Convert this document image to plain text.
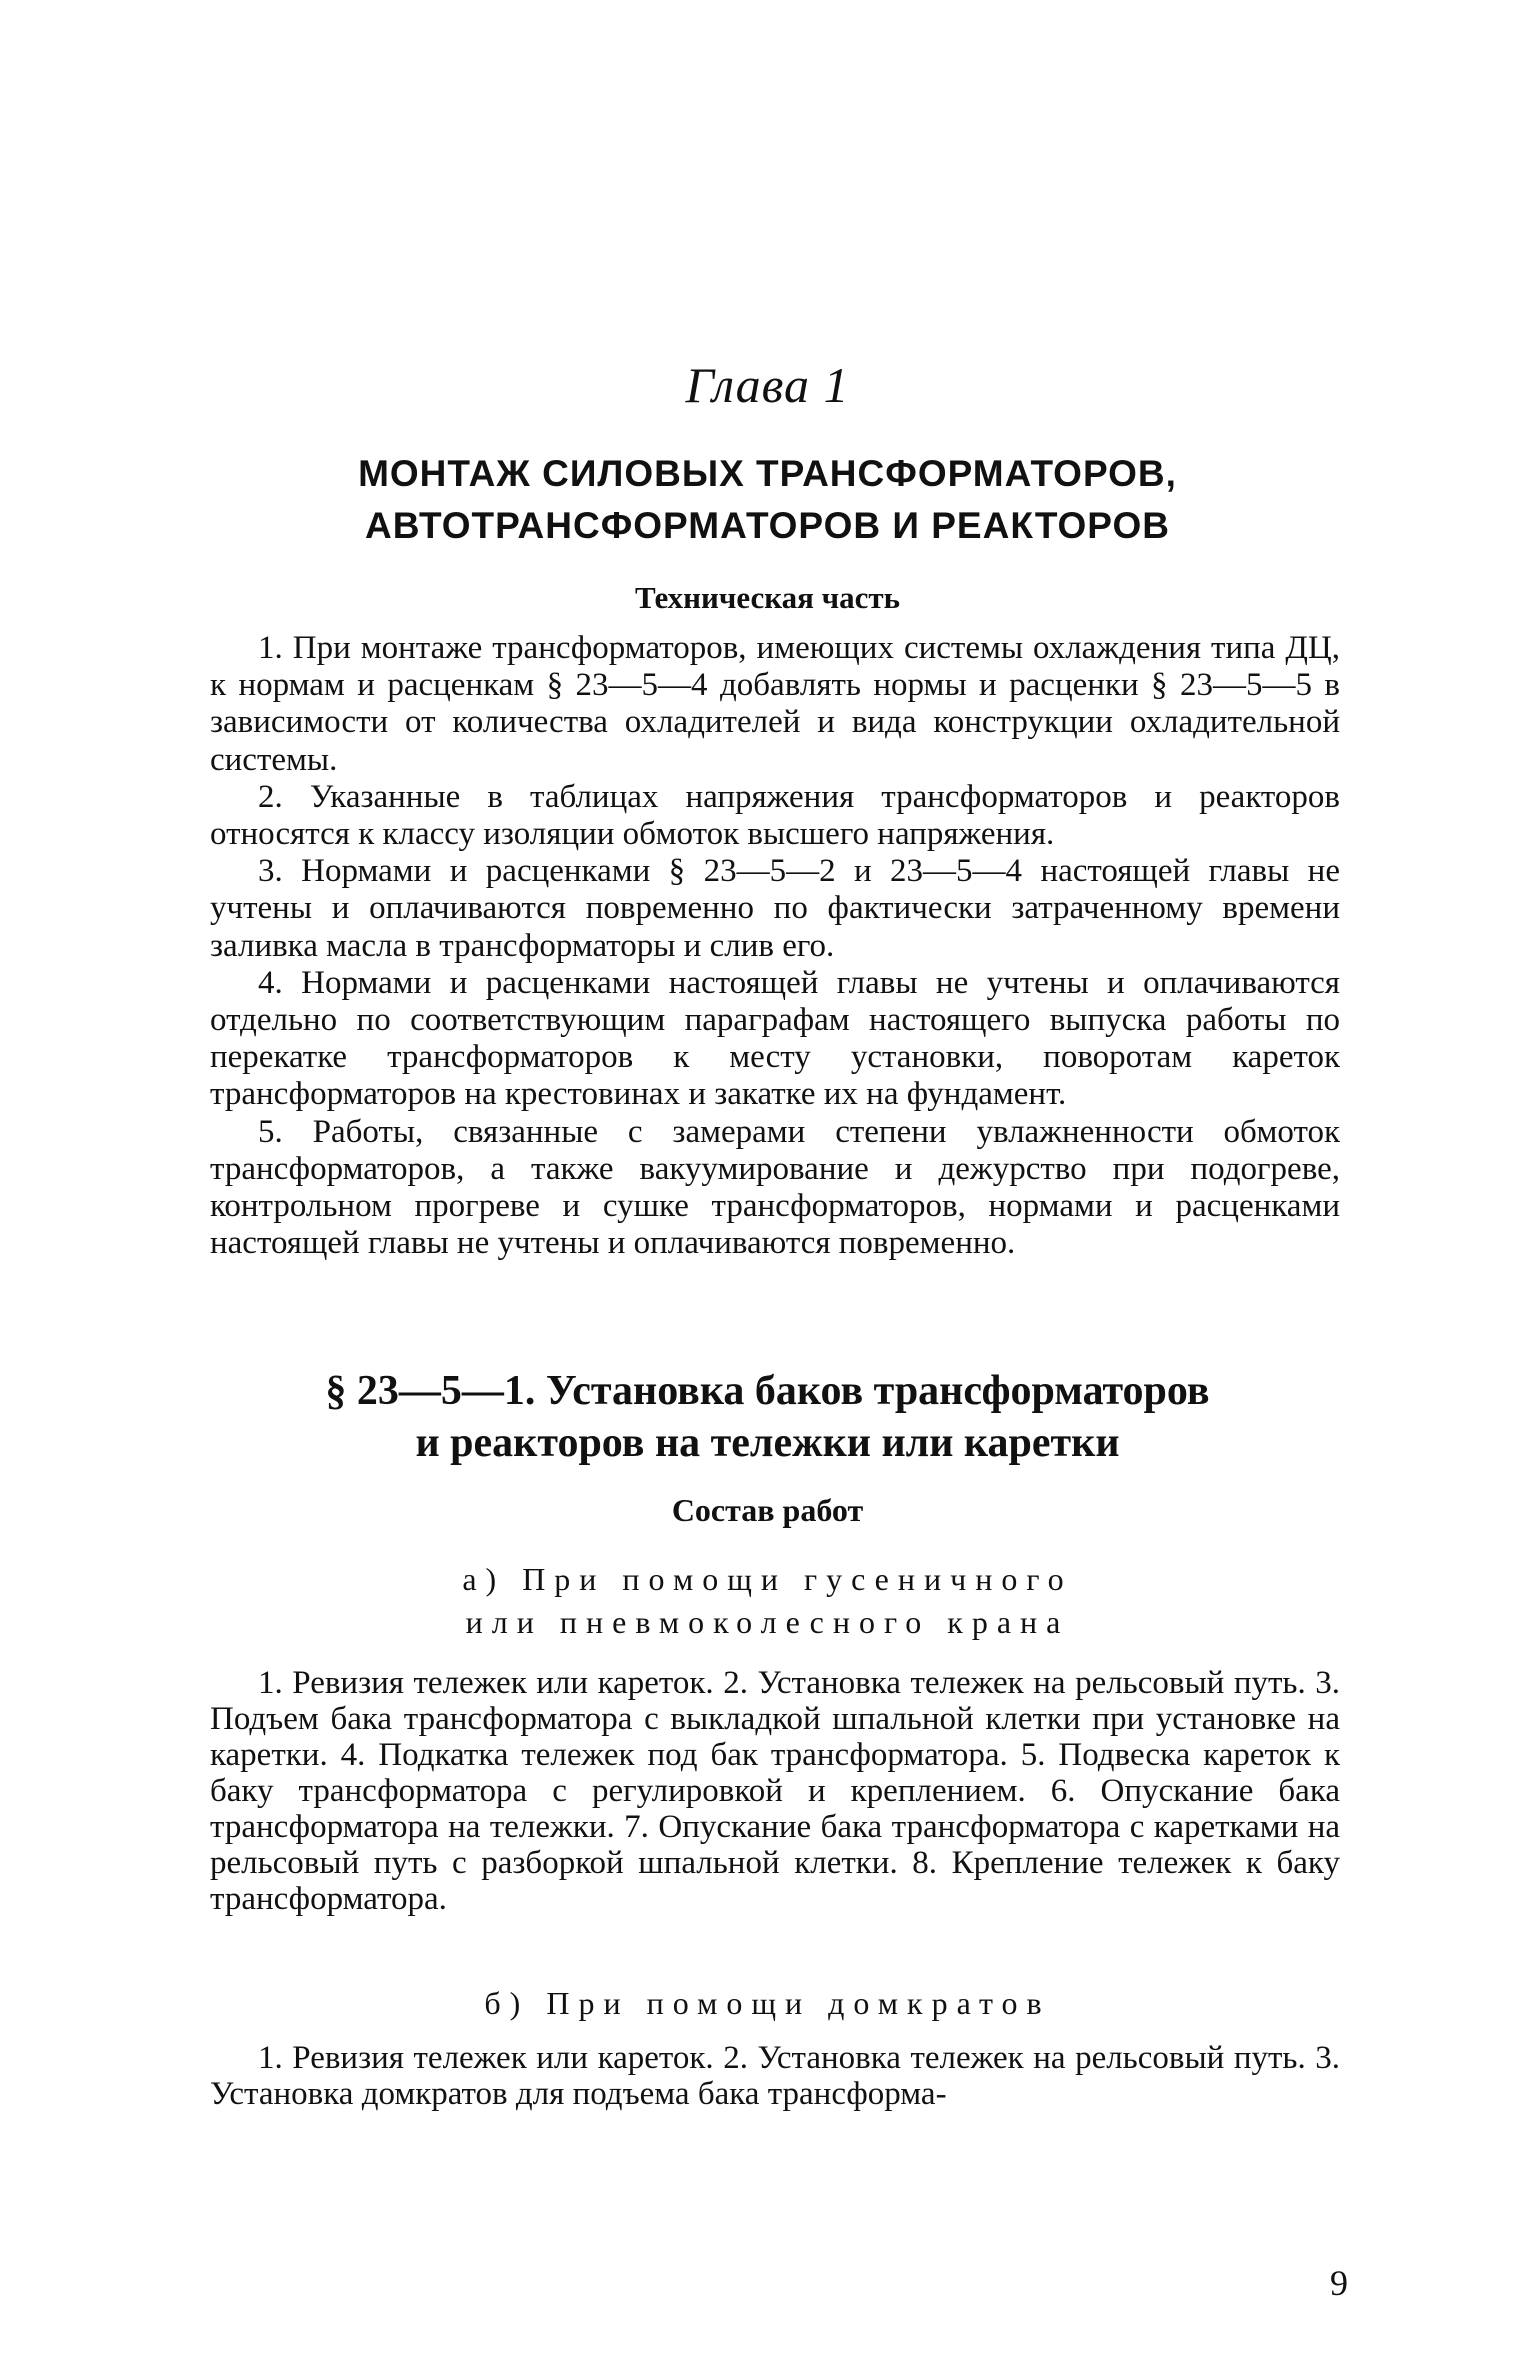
Глава 1
МОНТАЖ СИЛОВЫХ ТРАНСФОРМАТОРОВ,
АВТОТРАНСФОРМАТОРОВ И РЕАКТОРОВ
Техническая часть

1. При монтаже трансформаторов, имеющих системы охлаждения типа ДЦ, к нормам и расценкам § 23—5—4 добавлять нормы и расценки § 23—5—5 в зависимости от количества охладителей и вида конструкции охладительной системы.

2. Указанные в таблицах напряжения трансформаторов и реакторов относятся к классу изоляции обмоток высшего напряжения.

3. Нормами и расценками § 23—5—2 и 23—5—4 настоящей главы не учтены и оплачиваются повременно по фактически затраченному времени заливка масла в трансформаторы и слив его.

4. Нормами и расценками настоящей главы не учтены и оплачиваются отдельно по соответствующим параграфам настоящего выпуска работы по перекатке трансформаторов к месту установки, поворотам кареток трансформаторов на крестовинах и закатке их на фундамент.

5. Работы, связанные с замерами степени увлажненности обмоток трансформаторов, а также вакуумирование и дежурство при подогреве, контрольном прогреве и сушке трансформаторов, нормами и расценками настоящей главы не учтены и оплачиваются повременно.

§ 23—5—1. Установка баков трансформаторов
и реакторов на тележки или каретки
Состав работ
а) При помощи гусеничного
или пневмоколесного крана

1. Ревизия тележек или кареток. 2. Установка тележек на рельсовый путь. 3. Подъем бака трансформатора с выкладкой шпальной клетки при установке на каретки. 4. Подкатка тележек под бак трансформатора. 5. Подвеска кареток к баку трансформатора с регулировкой и креплением. 6. Опускание бака трансформатора на тележки. 7. Опускание бака трансформатора с каретками на рельсовый путь с разборкой шпальной клетки. 8. Крепление тележек к баку трансформатора.

б) При помощи домкратов

1. Ревизия тележек или кареток. 2. Установка тележек на рельсовый путь. 3. Установка домкратов для подъема бака трансформа-

9
